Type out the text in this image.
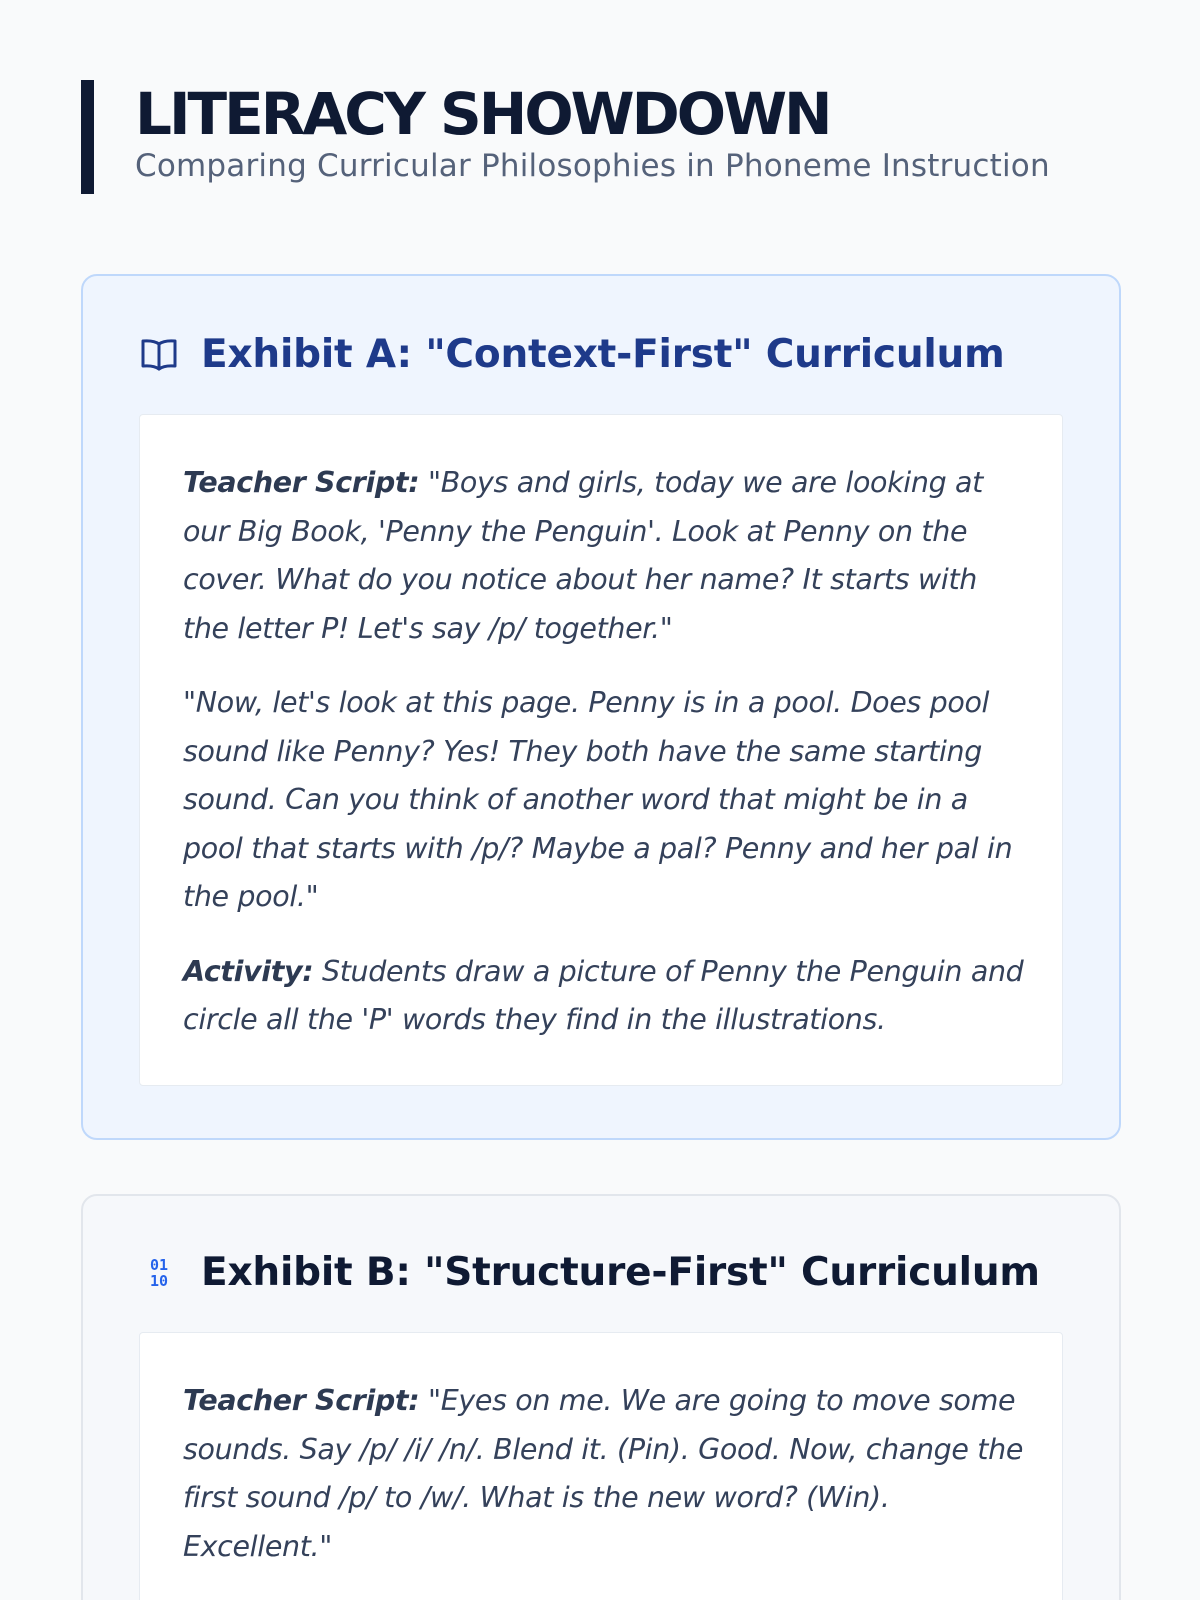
LITERACY SHOWDOWN

Comparing Curricular Philosophies in Phoneme Instruction

Exhibit A: "Context-First" Curriculum

Teacher Script: "Boys and girls, today we are looking at our Big Book, 'Penny the Penguin'. Look at Penny on the cover. What do you notice about her name? It starts with the letter P! Let's say /p/ together."

"Now, let's look at this page. Penny is in a pool. Does pool sound like Penny? Yes! They both have the same starting sound. Can you think of another word that might be in a pool that starts with /p/? Maybe a pal? Penny and her pal in the pool."

Activity: Students draw a picture of Penny the Penguin and circle all the 'P' words they find in the illustrations.

01
10 Exhibit B: "Structure-First" Curriculum

Teacher Script: "Eyes on me. We are going to move some sounds. Say /p/ /i/ /n/. Blend it. (Pin). Good. Now, change the first sound /p/ to /w/. What is the new word? (Win). Excellent."
